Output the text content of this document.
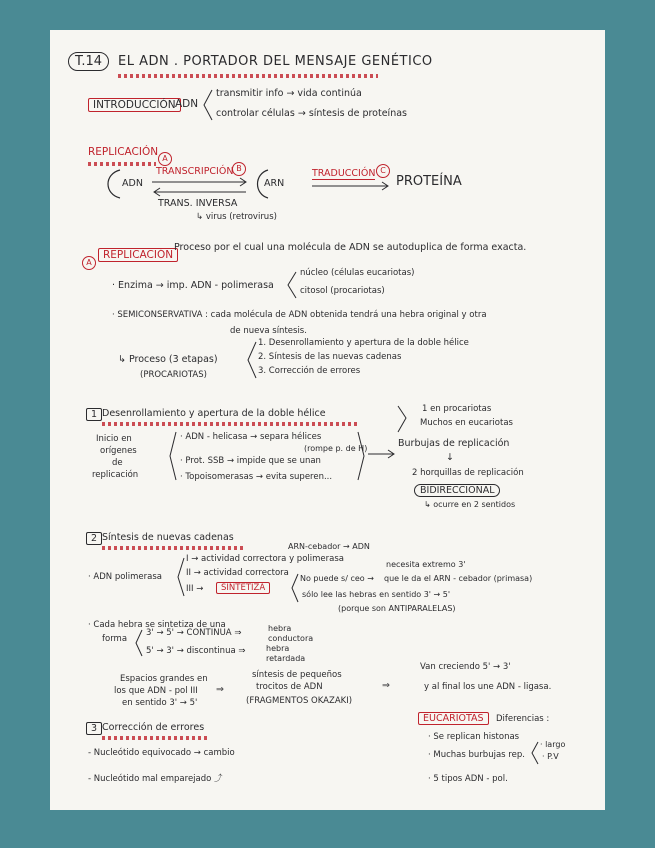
T.14	EL ADN . PORTADOR DEL MENSAJE GENÉTICO
INTRODUCCIÓN ADN
transmitir info → vida continúa
controlar células → síntesis de proteínas
REPLICACIÓN
A
ADN
TRANSCRIPCIÓN B
TRANS. INVERSA
ARN
TRADUCCIÓN C
PROTEÍNA
↳ virus (retrovirus)
A
REPLICACIÓN
Proceso por el cual una molécula de ADN se autoduplica de forma exacta.
· Enzima → imp. ADN - polimerasa
núcleo (células eucariotas)
citosol (procariotas)
· SEMICONSERVATIVA : cada molécula de ADN obtenida tendrá una hebra original y otra
de nueva síntesis.
↳ Proceso (3 etapas)
(PROCARIOTAS)
1. Desenrollamiento y apertura de la doble hélice
2. Síntesis de las nuevas cadenas
3. Corrección de errores
1 Desenrollamiento y apertura de la doble hélice
Inicio en
orígenes
de
replicación
· ADN - helicasa → separa hélices
(rompe p. de H)
· Prot. SSB → impide que se unan
· Topoisomerasas → evita superen...
1 en procariotas
Muchos en eucariotas
Burbujas de replicación
↓
2 horquillas de replicación
BIDIRECCIONAL
↳ ocurre en 2 sentidos
2 Síntesis de nuevas cadenas
ARN-cebador → ADN
· ADN polimerasa
I → actividad correctora y polimerasa
II → actividad correctora
III →	SINTETIZA
No puede s/ ceo →
sólo lee las hebras en sentido 3' → 5'
necesita extremo 3'
que le da el ARN - cebador (primasa)
(porque son ANTIPARALELAS)
· Cada hebra se sintetiza de una
forma
3' → 5' → CONTINUA ⇒	hebra
conductora
5' → 3' → discontinua ⇒	hebra
retardada
Espacios grandes en
los que ADN - pol III
en sentido 3' → 5'
⇒
síntesis de pequeños
trocitos de ADN
(FRAGMENTOS OKAZAKI)
⇒
Van creciendo 5' → 3'
y al final los une ADN - ligasa.
3 Corrección de errores
- Nucleótido equivocado → cambio
- Nucleótido mal emparejado ⤴
EUCARIOTAS	Diferencias :
· Se replican histonas
· Muchas burbujas rep.
· largo
· P.V
· 5 tipos ADN - pol.
